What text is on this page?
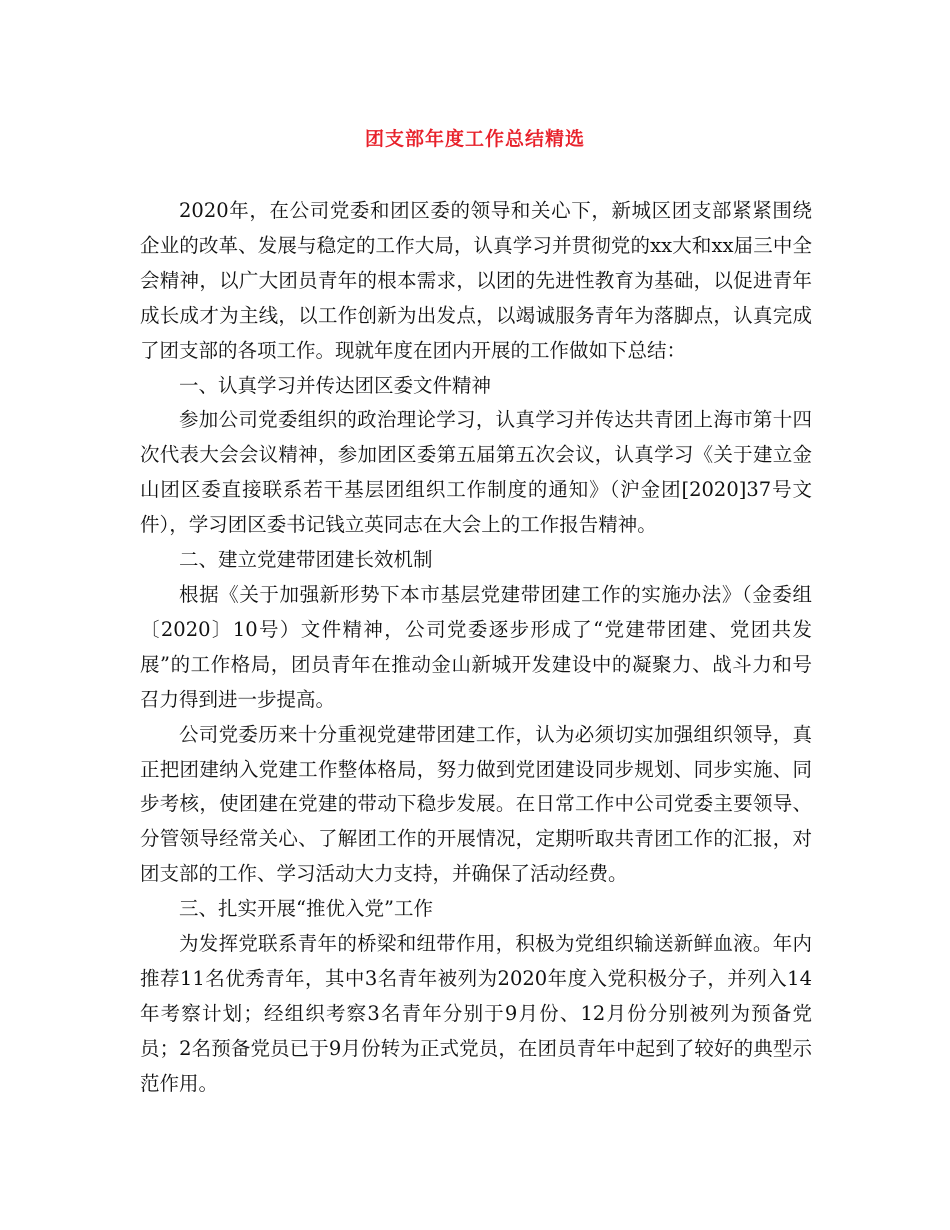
团支部年度工作总结精选

2020年，在公司党委和团区委的领导和关心下，新城区团支部紧紧围绕企业的改革、发展与稳定的工作大局，认真学习并贯彻党的xx大和xx届三中全会精神，以广大团员青年的根本需求，以团的先进性教育为基础，以促进青年成长成才为主线，以工作创新为出发点，以竭诚服务青年为落脚点，认真完成了团支部的各项工作。现就年度在团内开展的工作做如下总结：

一、认真学习并传达团区委文件精神

参加公司党委组织的政治理论学习，认真学习并传达共青团上海市第十四次代表大会会议精神，参加团区委第五届第五次会议，认真学习《关于建立金山团区委直接联系若干基层团组织工作制度的通知》（沪金团[2020]37号文件），学习团区委书记钱立英同志在大会上的工作报告精神。

二、建立党建带团建长效机制

根据《关于加强新形势下本市基层党建带团建工作的实施办法》（金委组〔2020〕10号）文件精神，公司党委逐步形成了“党建带团建、党团共发展”的工作格局，团员青年在推动金山新城开发建设中的凝聚力、战斗力和号召力得到进一步提高。

公司党委历来十分重视党建带团建工作，认为必须切实加强组织领导，真正把团建纳入党建工作整体格局，努力做到党团建设同步规划、同步实施、同步考核，使团建在党建的带动下稳步发展。在日常工作中公司党委主要领导、分管领导经常关心、了解团工作的开展情况，定期听取共青团工作的汇报，对团支部的工作、学习活动大力支持，并确保了活动经费。

三、扎实开展“推优入党”工作

为发挥党联系青年的桥梁和纽带作用，积极为党组织输送新鲜血液。年内推荐11名优秀青年，其中3名青年被列为2020年度入党积极分子，并列入14年考察计划；经组织考察3名青年分别于9月份、12月份分别被列为预备党员；2名预备党员已于9月份转为正式党员，在团员青年中起到了较好的典型示范作用。
